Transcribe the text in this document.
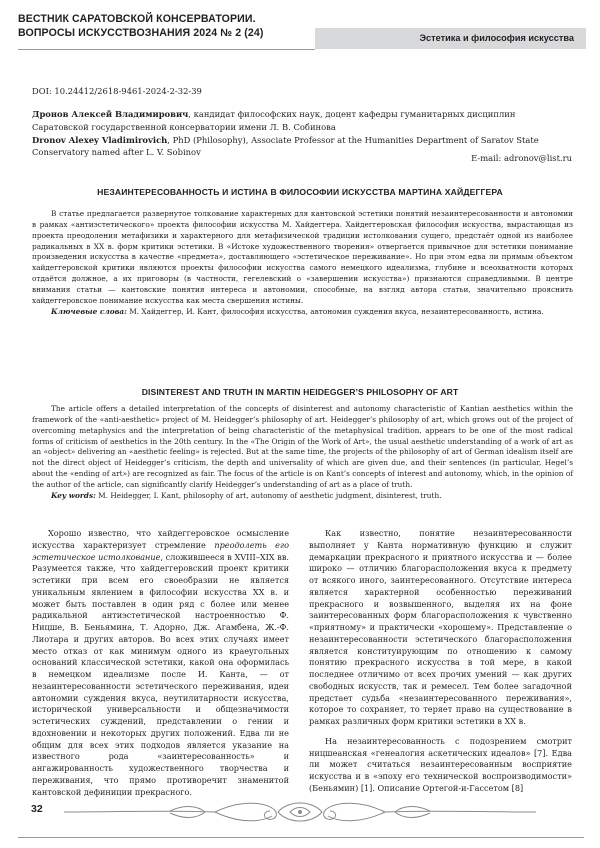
ВЕСТНИК САРАТОВСКОЙ КОНСЕРВАТОРИИ.
ВОПРОСЫ ИСКУССТВОЗНАНИЯ 2024 № 2 (24)	Эстетика и философия искусства
DOI: 10.24412/2618-9461-2024-2-32-39
Дронов Алексей Владимирович, кандидат философских наук, доцент кафедры гуманитарных дисциплин Саратовской государственной консерватории имени Л. В. Собинова
Dronov Alexey Vladimirovich, PhD (Philosophy), Associate Professor at the Humanities Department of Saratov State Conservatory named after L. V. Sobinov
E-mail: adronov@list.ru
НЕЗАИНТЕРЕСОВАННОСТЬ И ИСТИНА В ФИЛОСОФИИ ИСКУССТВА МАРТИНА ХАЙДЕГГЕРА

В статье предлагается развернутое толкование характерных для кантовской эстетики понятий незаинтересованности и автономии в рамках «антиэстетического» проекта философии искусства М. Хайдеггера. Хайдеггеровская философия искусства, вырастающая из проекта преодоления метафизики и характерного для метафизической традиции истолкования сущего, предстаёт одной из наиболее радикальных в XX в. форм критики эстетики. В «Истоке художественного творения» отвергается привычное для эстетики понимание произведения искусства в качестве «предмета», доставляющего «эстетическое переживание». Но при этом едва ли прямым объектом хайдеггеровской критики являются проекты философии искусства самого немецкого идеализма, глубине и всеохватности которых отдаётся должное, а их приговоры (в частности, гегелевский о «завершении искусства») признаются справедливыми. В центре внимания статьи — кантовские понятия интереса и автономии, способные, на взгляд автора статьи, значительно прояснить хайдеггеровское понимание искусства как места свершения истины.

Ключевые слова: М. Хайдеггер, И. Кант, философия искусства, автономия суждения вкуса, незаинтересованность, истина.

DISINTEREST AND TRUTH IN MARTIN HEIDEGGER’S PHILOSOPHY OF ART

The article offers a detailed interpretation of the concepts of disinterest and autonomy characteristic of Kantian aesthetics within the framework of the «anti-aesthetic» project of M. Heidegger’s philosophy of art. Heidegger’s philosophy of art, which grows out of the project of overcoming metaphysics and the interpretation of being characteristic of the metaphysical tradition, appears to be one of the most radical forms of criticism of aesthetics in the 20th century. In the «The Origin of the Work of Art», the usual aesthetic understanding of a work of art as an «object» delivering an «aesthetic feeling» is rejected. But at the same time, the projects of the philosophy of art of German idealism itself are not the direct object of Heidegger’s criticism, the depth and universality of which are given due, and their sentences (in particular, Hegel’s about the «ending of art») are recognized as fair. The focus of the article is on Kant’s concepts of interest and autonomy, which, in the opinion of the author of the article, can significantly clarify Heidegger’s understanding of art as a place of truth.

Key words: M. Heidegger, I. Kant, philosophy of art, autonomy of aesthetic judgment, disinterest, truth.

Хорошо известно, что хайдеггеровское осмысление искусства характеризует стремление преодолеть его эстетическое истолкование, сложившееся в XVIII–XIX вв. Разумеется также, что хайдеггеровский проект критики эстетики при всем его своеобразии не является уникальным явлением в философии искусства XX в. и может быть поставлен в один ряд с более или менее радикальной антиэстетической настроенностью Ф. Ницше, В. Беньямина, Т. Адорно, Дж. Агамбена, Ж.-Ф. Лиотара и других авторов. Во всех этих случаях имеет место отказ от как минимум одного из краеугольных оснований классической эстетики, какой она оформилась в немецком идеализме после И. Канта, — от незаинтересованности эстетического переживания, идеи автономии суждения вкуса, неутилитарности искусства, исторической универсальности и общезначимости эстетических суждений, представлении о гении и вдохновении и некоторых других положений. Едва ли не общим для всех этих подходов является указание на известного рода «заинтересованность» и ангажированность художественного творчества и переживания, что прямо противоречит знаменитой кантовской дефиниции прекрасного.

Как известно, понятие незаинтересованности выполняет у Канта нормативную функцию и служит демаркации прекрасного и приятного искусства и — более широко — отличию благорасположения вкуса к предмету от всякого иного, заинтересованного. Отсутствие интереса является характерной особенностью переживаний прекрасного и возвышенного, выделяя их на фоне заинтересованных форм благорасположения к чувственно «приятному» и практически «хорошему». Представление о незаинтересованности эстетического благорасположения является конституирующим по отношению к самому понятию прекрасного искусства в той мере, в какой последнее отличимо от всех прочих умений — как других свободных искусств, так и ремесел. Тем более загадочной предстает судьба «незаинтересованного переживания», которое то сохраняет, то теряет право на существование в рамках различных форм критики эстетики в XX в.

На незаинтересованность с подозрением смотрит ницшеанская «генеалогия аскетических идеалов» [7]. Едва ли может считаться незаинтересованным восприятие искусства и в «эпоху его технической воспроизводимости» (Беньямин) [1]. Описание Ортегой-и-Гассетом [8]

32
